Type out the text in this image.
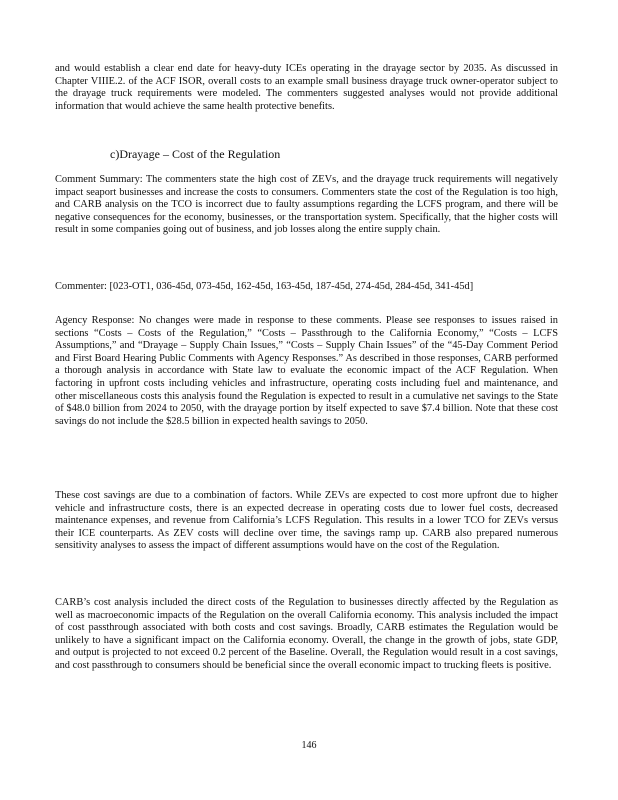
and would establish a clear end date for heavy-duty ICEs operating in the drayage sector by 2035. As discussed in Chapter VIIIE.2. of the ACF ISOR, overall costs to an example small business drayage truck owner-operator subject to the drayage truck requirements were modeled. The commenters suggested analyses would not provide additional information that would achieve the same health protective benefits.

c)Drayage – Cost of the Regulation

Comment Summary: The commenters state the high cost of ZEVs, and the drayage truck requirements will negatively impact seaport businesses and increase the costs to consumers. Commenters state the cost of the Regulation is too high, and CARB analysis on the TCO is incorrect due to faulty assumptions regarding the LCFS program, and there will be negative consequences for the economy, businesses, or the transportation system. Specifically, that the higher costs will result in some companies going out of business, and job losses along the entire supply chain.

Commenter: [023-OT1, 036-45d, 073-45d, 162-45d, 163-45d, 187-45d, 274-45d, 284-45d, 341-45d]

Agency Response: No changes were made in response to these comments. Please see responses to issues raised in sections “Costs – Costs of the Regulation,” “Costs – Passthrough to the California Economy,” “Costs – LCFS Assumptions,” and “Drayage – Supply Chain Issues,” “Costs – Supply Chain Issues” of the “45-Day Comment Period and First Board Hearing Public Comments with Agency Responses.” As described in those responses, CARB performed a thorough analysis in accordance with State law to evaluate the economic impact of the ACF Regulation. When factoring in upfront costs including vehicles and infrastructure, operating costs including fuel and maintenance, and other miscellaneous costs this analysis found the Regulation is expected to result in a cumulative net savings to the State of $48.0 billion from 2024 to 2050, with the drayage portion by itself expected to save $7.4 billion. Note that these cost savings do not include the $28.5 billion in expected health savings to 2050.

These cost savings are due to a combination of factors. While ZEVs are expected to cost more upfront due to higher vehicle and infrastructure costs, there is an expected decrease in operating costs due to lower fuel costs, decreased maintenance expenses, and revenue from California’s LCFS Regulation. This results in a lower TCO for ZEVs versus their ICE counterparts. As ZEV costs will decline over time, the savings ramp up. CARB also prepared numerous sensitivity analyses to assess the impact of different assumptions would have on the cost of the Regulation.

CARB’s cost analysis included the direct costs of the Regulation to businesses directly affected by the Regulation as well as macroeconomic impacts of the Regulation on the overall California economy. This analysis included the impact of cost passthrough associated with both costs and cost savings. Broadly, CARB estimates the Regulation would be unlikely to have a significant impact on the California economy. Overall, the change in the growth of jobs, state GDP, and output is projected to not exceed 0.2 percent of the Baseline. Overall, the Regulation would result in a cost savings, and cost passthrough to consumers should be beneficial since the overall economic impact to trucking fleets is positive.

146
